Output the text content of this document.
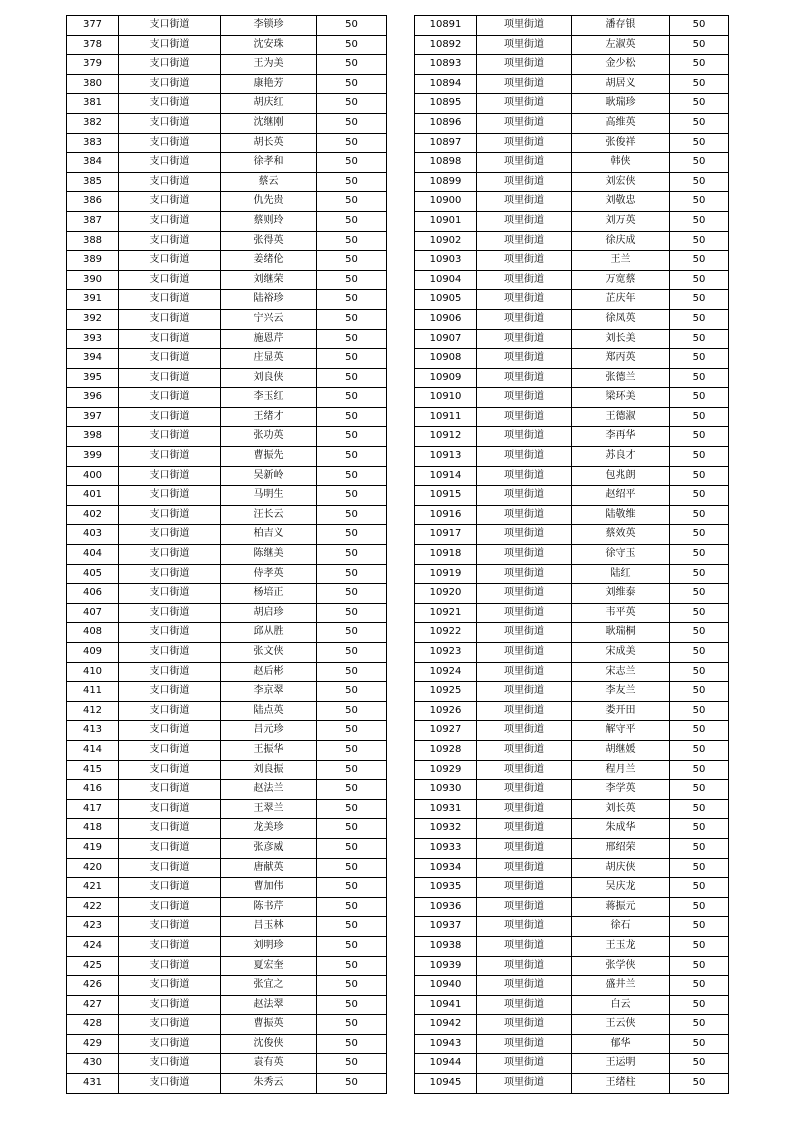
377	支口街道	李锁珍	50
378	支口街道	沈安珠	50
379	支口街道	王为美	50
380	支口街道	康艳芳	50
381	支口街道	胡庆红	50
382	支口街道	沈继刚	50
383	支口街道	胡长英	50
384	支口街道	徐孝和	50
385	支口街道	蔡云	50
386	支口街道	仇先贵	50
387	支口街道	蔡则玲	50
388	支口街道	张得英	50
389	支口街道	姜绪伦	50
390	支口街道	刘继荣	50
391	支口街道	陆裕珍	50
392	支口街道	宁兴云	50
393	支口街道	施恩芹	50
394	支口街道	庄显英	50
395	支口街道	刘良侠	50
396	支口街道	李玉红	50
397	支口街道	王绪才	50
398	支口街道	张功英	50
399	支口街道	曹振先	50
400	支口街道	吴新岭	50
401	支口街道	马明生	50
402	支口街道	汪长云	50
403	支口街道	柏吉义	50
404	支口街道	陈继美	50
405	支口街道	侍孝英	50
406	支口街道	杨培正	50
407	支口街道	胡启珍	50
408	支口街道	邱从胜	50
409	支口街道	张文侠	50
410	支口街道	赵后彬	50
411	支口街道	李京翠	50
412	支口街道	陆点英	50
413	支口街道	吕元珍	50
414	支口街道	王振华	50
415	支口街道	刘良振	50
416	支口街道	赵法兰	50
417	支口街道	王翠兰	50
418	支口街道	龙美珍	50
419	支口街道	张彦威	50
420	支口街道	唐献英	50
421	支口街道	曹加伟	50
422	支口街道	陈书芹	50
423	支口街道	吕玉林	50
424	支口街道	刘明珍	50
425	支口街道	夏宏奎	50
426	支口街道	张宜之	50
427	支口街道	赵法翠	50
428	支口街道	曹振英	50
429	支口街道	沈俊侠	50
430	支口街道	袁有英	50
431	支口街道	朱秀云	50
10891	项里街道	潘存银	50
10892	项里街道	左淑英	50
10893	项里街道	金少松	50
10894	项里街道	胡居义	50
10895	项里街道	耿瑞珍	50
10896	项里街道	高维英	50
10897	项里街道	张俊祥	50
10898	项里街道	韩侠	50
10899	项里街道	刘宏侠	50
10900	项里街道	刘敬忠	50
10901	项里街道	刘万英	50
10902	项里街道	徐庆成	50
10903	项里街道	王兰	50
10904	项里街道	万宽蔡	50
10905	项里街道	芷庆年	50
10906	项里街道	徐凤英	50
10907	项里街道	刘长美	50
10908	项里街道	郑丙英	50
10909	项里街道	张德兰	50
10910	项里街道	梁环美	50
10911	项里街道	王德淑	50
10912	项里街道	李再华	50
10913	项里街道	苏良才	50
10914	项里街道	包兆朗	50
10915	项里街道	赵绍平	50
10916	项里街道	陆敬维	50
10917	项里街道	蔡效英	50
10918	项里街道	徐守玉	50
10919	项里街道	陆红	50
10920	项里街道	刘维泰	50
10921	项里街道	韦平英	50
10922	项里街道	耿瑞桐	50
10923	项里街道	宋成美	50
10924	项里街道	宋志兰	50
10925	项里街道	李友兰	50
10926	项里街道	娄开田	50
10927	项里街道	解守平	50
10928	项里街道	胡继媛	50
10929	项里街道	程月兰	50
10930	项里街道	李学英	50
10931	项里街道	刘长英	50
10932	项里街道	朱成华	50
10933	项里街道	邢绍荣	50
10934	项里街道	胡庆侠	50
10935	项里街道	吴庆龙	50
10936	项里街道	蒋振元	50
10937	项里街道	徐石	50
10938	项里街道	王玉龙	50
10939	项里街道	张学侠	50
10940	项里街道	盛井兰	50
10941	项里街道	白云	50
10942	项里街道	王云侠	50
10943	项里街道	郁华	50
10944	项里街道	王运明	50
10945	项里街道	王绪柱	50
